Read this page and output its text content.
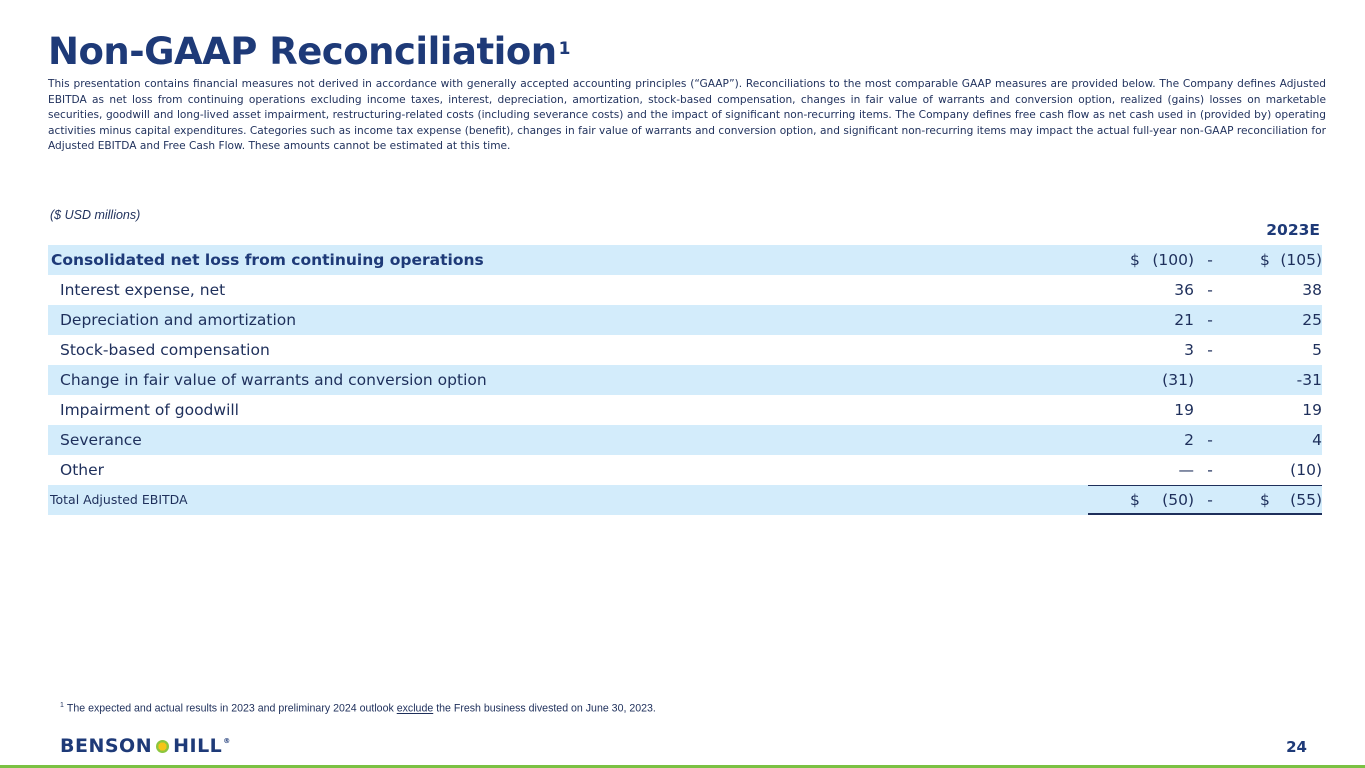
Non-GAAP Reconciliation $^1$

This presentation contains financial measures not derived in accordance with generally accepted accounting principles (“GAAP”). Reconciliations to the most comparable GAAP measures are provided below. The Company defines Adjusted EBITDA as net loss from continuing operations excluding income taxes, interest, depreciation, amortization, stock-based compensation, changes in fair value of warrants and conversion option, realized (gains) losses on marketable securities, goodwill and long-lived asset impairment, restructuring-related costs (including severance costs) and the impact of significant non-recurring items. The Company defines free cash flow as net cash used in (provided by) operating activities minus capital expenditures. Categories such as income tax expense (benefit), changes in fair value of warrants and conversion option, and significant non-recurring items may impact the actual full-year non-GAAP reconciliation for Adjusted EBITDA and Free Cash Flow. These amounts cannot be estimated at this time.

($ USD millions)
2023E
Consolidated net loss from continuing operations	$ (100) -	$ (105)
Interest expense, net	36 -	38
Depreciation and amortization	21 -	25
Stock-based compensation	3 -	5
Change in fair value of warrants and conversion option	(31)	-31
Impairment of goodwill	19	19
Severance	2 -	4
Other	— -	(10)
Total Adjusted EBITDA	$ (50) -	$ (55)
$^1$ The expected and actual results in 2023 and preliminary 2024 outlook exclude the Fresh business divested on June 30, 2023.
BENSON HILL ®	24
